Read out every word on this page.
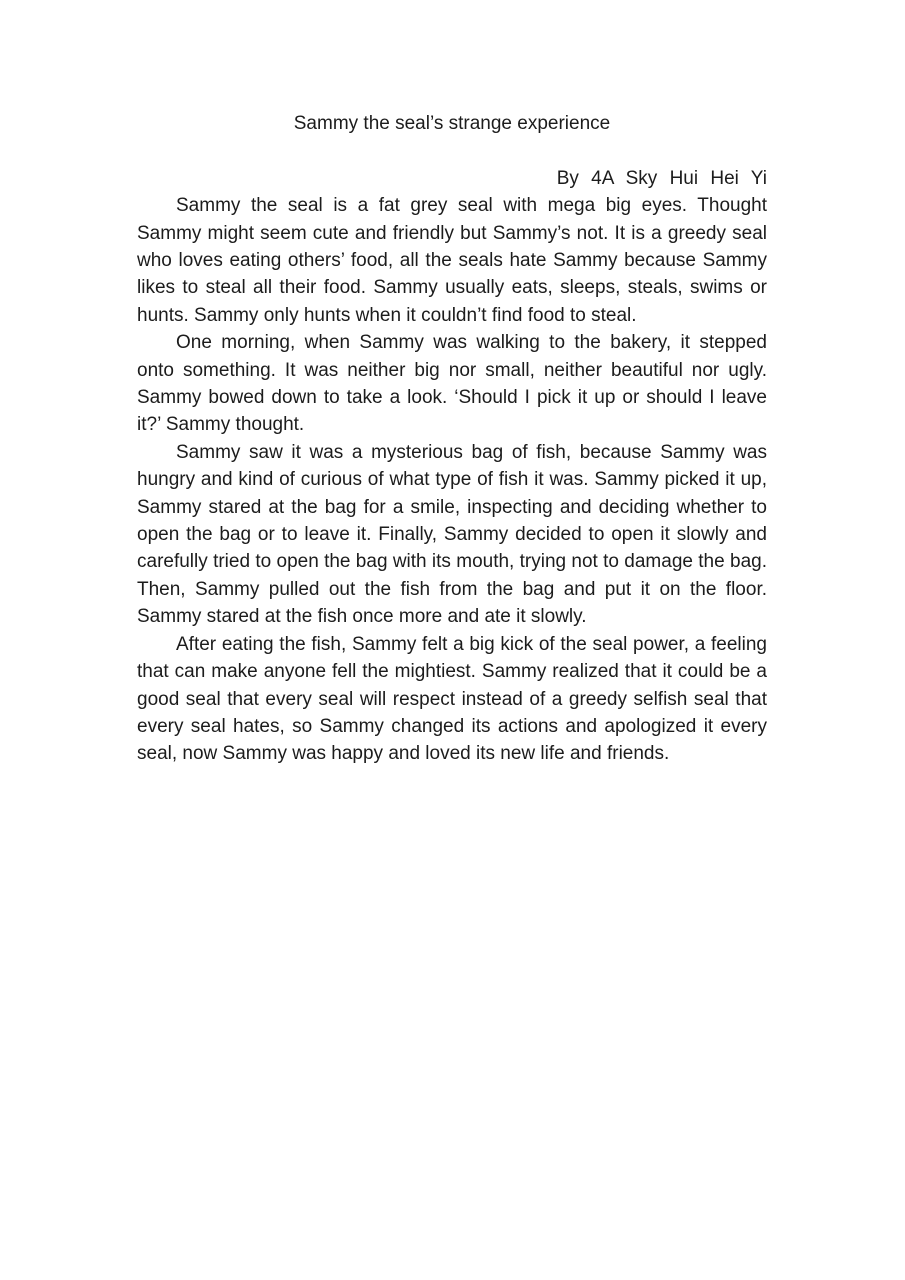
Sammy the seal’s strange experience
By 4A Sky Hui Hei Yi

Sammy the seal is a fat grey seal with mega big eyes. Thought Sammy might seem cute and friendly but Sammy’s not. It is a greedy seal who loves eating others’ food, all the seals hate Sammy because Sammy likes to steal all their food. Sammy usually eats, sleeps, steals, swims or hunts. Sammy only hunts when it couldn’t find food to steal.

One morning, when Sammy was walking to the bakery, it stepped onto something. It was neither big nor small, neither beautiful nor ugly. Sammy bowed down to take a look. ‘Should I pick it up or should I leave it?’ Sammy thought.

Sammy saw it was a mysterious bag of fish, because Sammy was hungry and kind of curious of what type of fish it was. Sammy picked it up, Sammy stared at the bag for a smile, inspecting and deciding whether to open the bag or to leave it. Finally, Sammy decided to open it slowly and carefully tried to open the bag with its mouth, trying not to damage the bag. Then, Sammy pulled out the fish from the bag and put it on the floor. Sammy stared at the fish once more and ate it slowly.

After eating the fish, Sammy felt a big kick of the seal power, a feeling that can make anyone fell the mightiest. Sammy realized that it could be a good seal that every seal will respect instead of a greedy selfish seal that every seal hates, so Sammy changed its actions and apologized it every seal, now Sammy was happy and loved its new life and friends.
